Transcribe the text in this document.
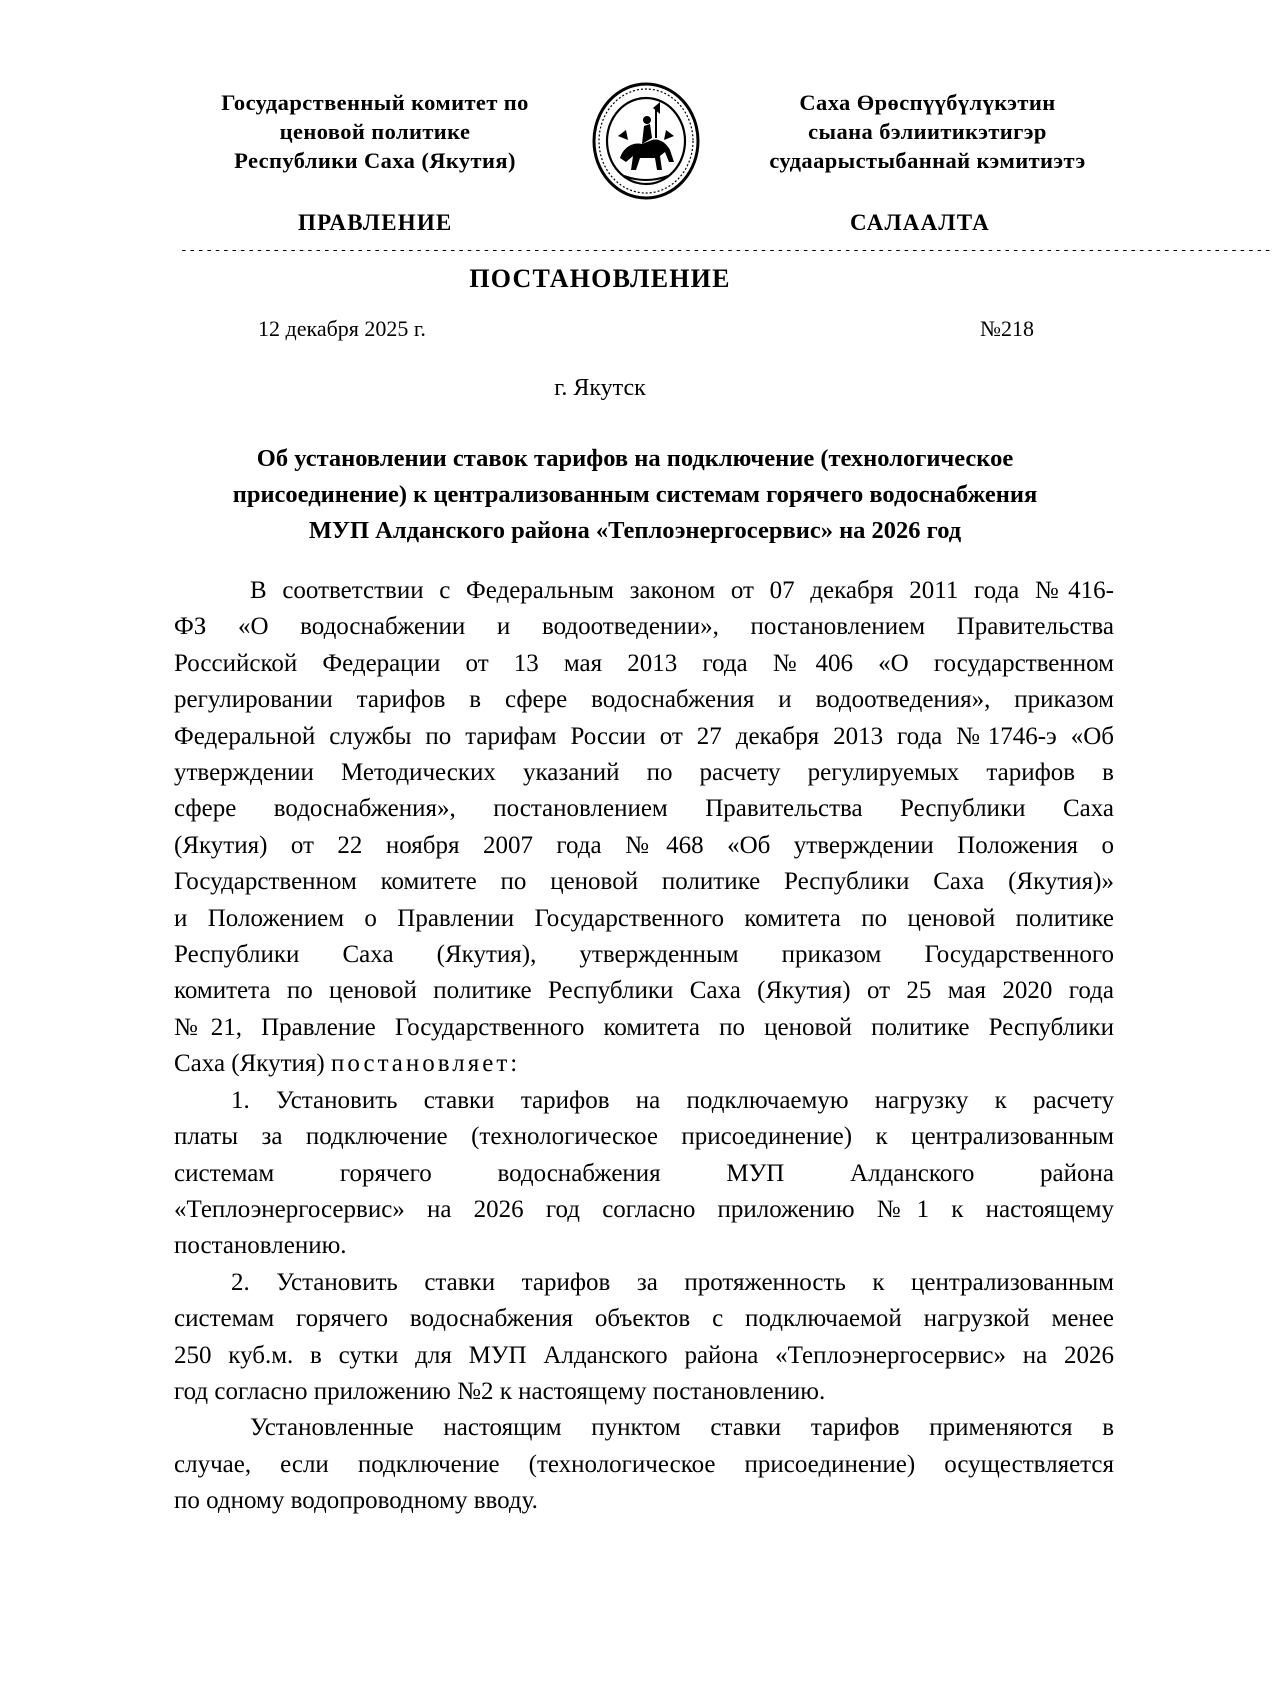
Государственный комитет по
ценовой политике
Республики Саха (Якутия)
Саха Өрөспүүбүлүкэтин
сыана бэлиитикэтигэр
судаарыстыбаннай кэмитиэтэ
ПРАВЛЕНИЕ	САЛААЛТА
----------------------------------------------------------------------------------------------------------------------------------
ПОСТАНОВЛЕНИЕ
12 декабря 2025 г.	№218
г. Якутск
Об установлении ставок тарифов на подключение (технологическое
присоединение) к централизованным системам горячего водоснабжения
МУП Алданского района «Теплоэнергосервис» на 2026 год
В соответствии с Федеральным законом от 07 декабря 2011 года №416-
ФЗ «О водоснабжении и водоотведении», постановлением Правительства
Российской Федерации от 13 мая 2013 года №406 «О государственном
регулировании тарифов в сфере водоснабжения и водоотведения», приказом
Федеральной службы по тарифам России от 27 декабря 2013 года №1746-э «Об
утверждении Методических указаний по расчету регулируемых тарифов в
сфере водоснабжения», постановлением Правительства Республики Саха
(Якутия) от 22 ноября 2007 года №468 «Об утверждении Положения о
Государственном комитете по ценовой политике Республики Саха (Якутия)»
и Положением о Правлении Государственного комитета по ценовой политике
Республики Саха (Якутия), утвержденным приказом Государственного
комитета по ценовой политике Республики Саха (Якутия) от 25 мая 2020 года
№21, Правление Государственного комитета по ценовой политике Республики
Саха (Якутия) постановляет:
1. Установить ставки тарифов на подключаемую нагрузку к расчету
платы за подключение (технологическое присоединение) к централизованным
системам горячего водоснабжения МУП Алданского района
«Теплоэнергосервис» на 2026 год согласно приложению №1 к настоящему
постановлению.
2. Установить ставки тарифов за протяженность к централизованным
системам горячего водоснабжения объектов с подключаемой нагрузкой менее
250 куб.м. в сутки для МУП Алданского района «Теплоэнергосервис» на 2026
год согласно приложению №2 к настоящему постановлению.
Установленные настоящим пунктом ставки тарифов применяются в
случае, если подключение (технологическое присоединение) осуществляется
по одному водопроводному вводу.
